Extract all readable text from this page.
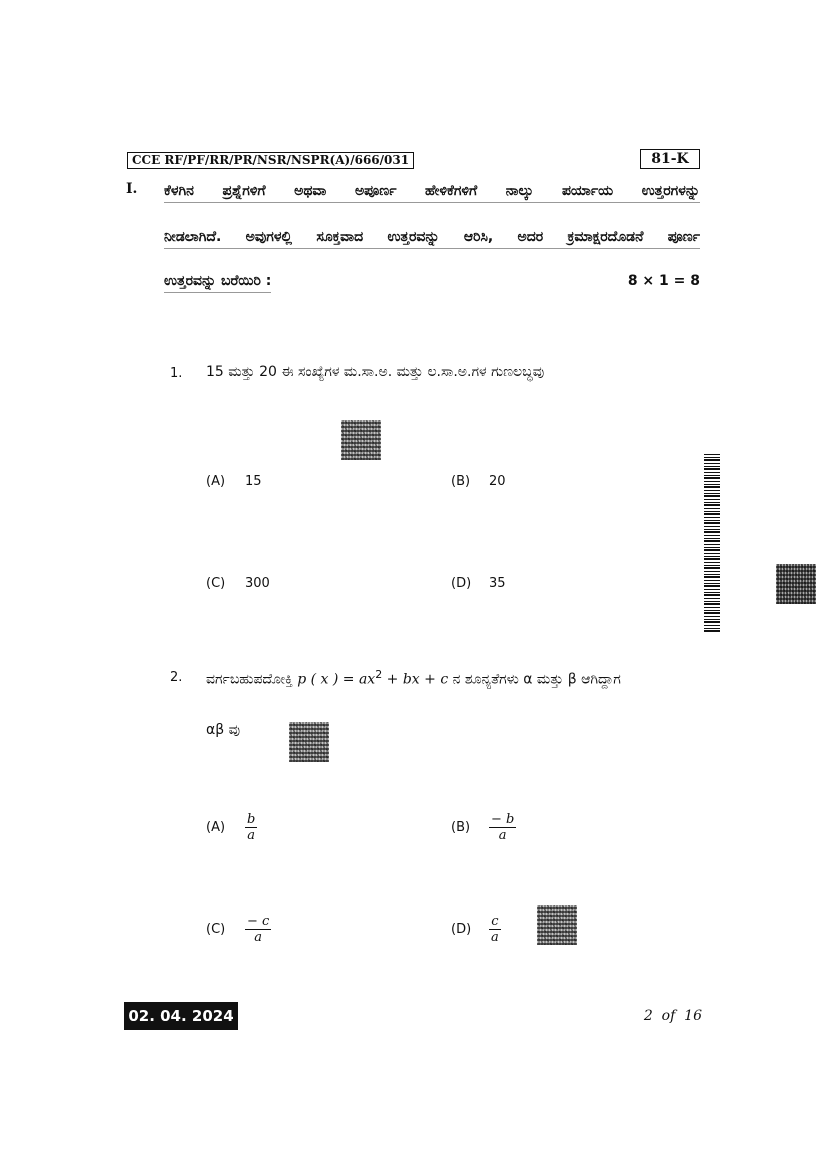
CCE RF/PF/RR/PR/NSR/NSPR(A)/666/031	81-K
I. ಕೆಳಗಿನ ಪ್ರಶ್ನೆಗಳಿಗೆ ಅಥವಾ ಅಪೂರ್ಣ ಹೇಳಿಕೆಗಳಿಗೆ ನಾಲ್ಕು ಪರ್ಯಾಯ ಉತ್ತರಗಳನ್ನು
ನೀಡಲಾಗಿದೆ. ಅವುಗಳಲ್ಲಿ ಸೂಕ್ತವಾದ ಉತ್ತರವನ್ನು ಆರಿಸಿ, ಅದರ ಕ್ರಮಾಕ್ಷರದೊಡನೆ ಪೂರ್ಣ
ಉತ್ತರವನ್ನು ಬರೆಯಿರಿ :	8 × 1 = 8
1. 15 ಮತ್ತು 20 ಈ ಸಂಖ್ಯೆಗಳ ಮ.ಸಾ.ಅ. ಮತ್ತು ಲ.ಸಾ.ಅ.ಗಳ ಗುಣಲಬ್ಧವು
(A) 15	(B) 20
(C) 300	(D) 35
2. ವರ್ಗಬಹುಪದೋಕ್ತಿ p ( x ) = $ax^2$ + bx + c ನ ಶೂನ್ಯತೆಗಳು α ಮತ್ತು β ಆಗಿದ್ದಾಗ
αβ ವು
$(A) \frac{b}{a}$	$(B) \frac{- b}{a}$
$(C) \frac{- c}{a}$	$(D) \frac{c}{a}$
02. 04. 2024	2  of  16
